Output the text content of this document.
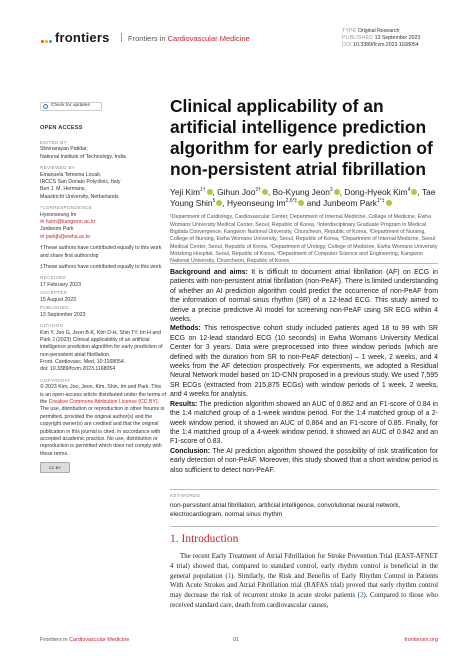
frontiers	Frontiers in Cardiovascular Medicine
TYPE Original Research
PUBLISHED 13 September 2023
DOI 10.3389/fcvm.2023.1168054
Check for updates
OPEN ACCESS
EDITED BY
Shivnarayan Patidar,
National Institute of Technology, India
REVIEWED BY
Emanuela Teresina Locati,
IRCCS San Donato Polyclinic, Italy
Ben J. M. Hermans,
Maastricht University, Netherlands
*CORRESPONDENCE
Hyeonseung Im
✉ hsim@kangwon.ac.kr
Junbeom Park
✉ parkjb@ewha.ac.kr
†These authors have contributed equally to this work and share first authorship
‡These authors have contributed equally to this work
RECEIVED
17 February 2023
ACCEPTED
15 August 2023
PUBLISHED
13 September 2023
CITATION
Kim Y, Joo G, Jeon B-K, Kim D-H, Shin TY, Im H and Park J (2023) Clinical applicability of an artificial intelligence prediction algorithm for early prediction of non-persistent atrial fibrillation.
Front. Cardiovasc. Med. 10:1168054.
doi: 10.3389/fcvm.2023.1168054
COPYRIGHT
© 2023 Kim, Joo, Jeon, Kim, Shin, Im and Park. This is an open-access article distributed under the terms of the Creative Commons Attribution License (CC BY). The use, distribution or reproduction in other forums is permitted, provided the original author(s) and the copyright owner(s) are credited and that the original publication in this journal is cited, in accordance with accepted academic practice. No use, distribution or reproduction is permitted which does not comply with these terms.
CC BY
Clinical applicability of an artificial intelligence prediction algorithm for early prediction of non-persistent atrial fibrillation
Yeji Kim$^{1\dagger}$ , Gihun Joo$^{2\dagger}$ , Bo-Kyung Jeon$^3$ , Dong-Hyeok Kim$^4$ , Tae Young Shin$^5$ , Hyeonseung $Im^{2,6*\ddagger}$ and Junbeom Park$^{1*\ddagger}$
¹Department of Cardiology, Cardiovascular Center, Department of Internal Medicine, College of Medicine, Ewha Womans University Medical Center, Seoul, Republic of Korea, ²Interdisciplinary Graduate Program in Medical Bigdata Convergence, Kangwon National University, Chuncheon, Republic of Korea, ³Department of Nursing, College of Nursing, Ewha Womans University, Seoul, Republic of Korea, ⁴Department of Internal Medicine, Seoul Medical Center, Seoul, Republic of Korea, ⁵Department of Urology, College of Medicine, Ewha Womans University Mokdong Hospital, Seoul, Republic of Korea, ⁶Department of Computer Science and Engineering, Kangwon National University, Chuncheon, Republic of Korea

Background and aims: It is difficult to document atrial fibrillation (AF) on ECG in patients with non-persistent atrial fibrillation (non-PeAF). There is limited understanding of whether an AI prediction algorithm could predict the occurrence of non-PeAF from the information of normal sinus rhythm (SR) of a 12-lead ECG. This study aimed to derive a precise predictive AI model for screening non-PeAF using SR ECG within 4 weeks.

Methods: This retrospective cohort study included patients aged 18 to 99 with SR ECG on 12-lead standard ECG (10 seconds) in Ewha Womans University Medical Center for 3 years. Data were preprocessed into three window periods (which are defined with the duration from SR to non-PeAF detection) – 1 week, 2 weeks, and 4 weeks from the AF detection prospectively. For experiments, we adopted a Residual Neural Network model based on 1D-CNN proposed in a previous study. We used 7,595 SR ECGs (extracted from 215,875 ECGs) with window periods of 1 week, 2 weeks, and 4 weeks for analysis.

Results: The prediction algorithm showed an AUC of 0.862 and an F1-score of 0.84 in the 1:4 matched group of a 1-week window period. For the 1:4 matched group of a 2-week window period, it showed an AUC of 0.864 and an F1-score of 0.85. Finally, for the 1:4 matched group of a 4-week window period, it showed an AUC of 0.842 and an F1-score of 0.83.

Conclusion: The AI prediction algorithm showed the possibility of risk stratification for early detection of non-PeAF. Moreover, this study showed that a short window period is also sufficient to detect non-PeAF.

KEYWORDS
non-persistent atrial fibrillation, artificial intelligence, convolutional neural network, electrocardiogram, normal sinus rhythm
1. Introduction
The recent Early Treatment of Atrial Fibrillation for Stroke Prevention Trial (EAST-AFNET 4 trial) showed that, compared to standard control, early rhythm control is beneficial in the general population (1). Similarly, the Risk and Benefits of Early Rhythm Control in Patients With Acute Strokes and Atrial Fibrillation trial (RAFAS trial) proved that early rhythm control may decrease the risk of recurrent stroke in acute stroke patients (2). Compared to those who received standard care, death from cardiovascular causes,
Frontiers in Cardiovascular Medicine	01	frontiersin.org
